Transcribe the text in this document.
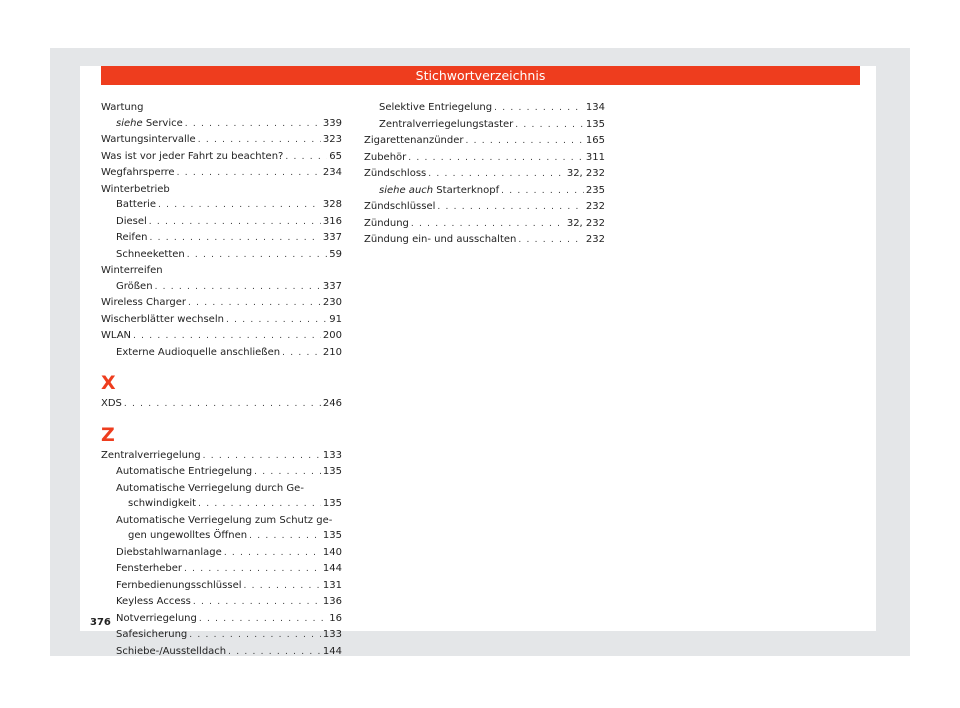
Stichwortverzeichnis
Wartung
siehe Service . . .	339
Wartungsintervalle . . .	323
Was ist vor jeder Fahrt zu beachten? . . .	65
Wegfahrsperre . . .	234
Winterbetrieb
Batterie . . .	328
Diesel . . .	316
Reifen . . .	337
Schneeketten . . .	59
Winterreifen
Größen . . .	337
Wireless Charger . . .	230
Wischerblätter wechseln . . .	91
WLAN . . .	200
Externe Audioquelle anschließen . . .	210
X
XDS . . .	246
Z
Zentralverriegelung . . .	133
Automatische Entriegelung . . .	135
Automatische Verriegelung durch Ge-
schwindigkeit . . .	135
Automatische Verriegelung zum Schutz ge-
gen ungewolltes Öffnen . . .	135
Diebstahlwarnanlage . . .	140
Fensterheber . . .	144
Fernbedienungsschlüssel . . .	131
Keyless Access . . .	136
Notverriegelung . . .	16
Safesicherung . . .	133
Schiebe-/Ausstelldach . . .	144
Selektive Entriegelung . . .	134
Zentralverriegelungstaster . . .	135
Zigarettenanzünder . . .	165
Zubehör . . .	311
Zündschloss . . .	32, 232
siehe auch Starterknopf . . .	235
Zündschlüssel . . .	232
Zündung . . .	32, 232
Zündung ein- und ausschalten . . .	232
376
